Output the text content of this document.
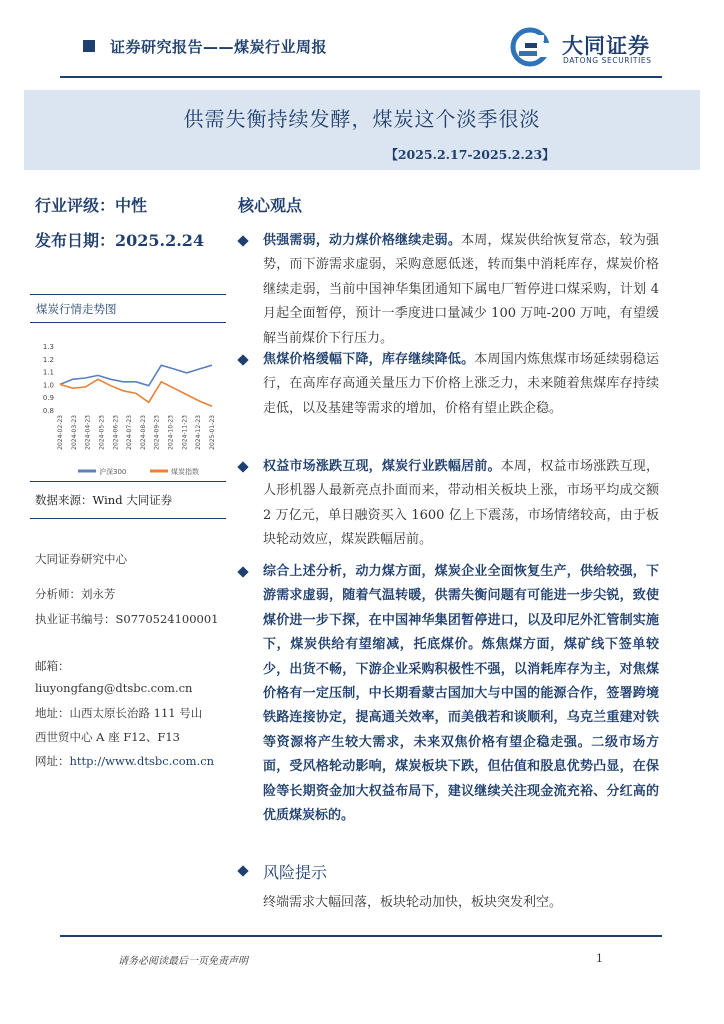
证券研究报告——煤炭行业周报	大同证券
DATONG SECURITIES
供需失衡持续发酵，煤炭这个淡季很淡
【2025.2.17-2025.2.23】
行业评级：中性
发布日期：2025.2.24
煤炭行情走势图
1.3
1.2
1.1
1.0
0.9
0.8
2024-02-23 2024-03-23 2024-04-23 2024-05-23 2024-06-23 2024-07-23 2024-08-23 2024-09-23 2024-10-23 2024-11-23 2024-12-23 2025-01-23
沪深300	煤炭指数
数据来源：Wind 大同证券
大同证券研究中心
分析师：刘永芳
执业证书编号：S0770524100001
邮箱：
liuyongfang@dtsbc.com.cn
地址：山西太原长治路 111 号山
西世贸中心 A 座 F12、F13
网址：http://www.dtsbc.com.cn
核心观点
供强需弱，动力煤价格继续走弱。本周，煤炭供给恢复常态，较为强势，而下游需求虚弱，采购意愿低迷，转而集中消耗库存，煤炭价格继续走弱，当前中国神华集团通知下属电厂暂停进口煤采购，计划 4 月起全面暂停，预计一季度进口量减少 100 万吨-200 万吨，有望缓解当前煤价下行压力。
焦煤价格缓幅下降，库存继续降低。本周国内炼焦煤市场延续弱稳运行，在高库存高通关量压力下价格上涨乏力，未来随着焦煤库存持续走低，以及基建等需求的增加，价格有望止跌企稳。
权益市场涨跌互现，煤炭行业跌幅居前。本周，权益市场涨跌互现，人形机器人最新亮点扑面而来，带动相关板块上涨，市场平均成交额 2 万亿元，单日融资买入 1600 亿上下震荡，市场情绪较高，由于板块轮动效应，煤炭跌幅居前。
综合上述分析，动力煤方面，煤炭企业全面恢复生产，供给较强，下游需求虚弱，随着气温转暖，供需失衡问题有可能进一步尖锐，致使煤价进一步下探，在中国神华集团暂停进口，以及印尼外汇管制实施下，煤炭供给有望缩减，托底煤价。炼焦煤方面，煤矿线下签单较少，出货不畅，下游企业采购积极性不强，以消耗库存为主，对焦煤价格有一定压制，中长期看蒙古国加大与中国的能源合作，签署跨境铁路连接协定，提高通关效率，而美俄若和谈顺利，乌克兰重建对铁等资源将产生较大需求，未来双焦价格有望企稳走强。二级市场方面，受风格轮动影响，煤炭板块下跌，但估值和股息优势凸显，在保险等长期资金加大权益布局下，建议继续关注现金流充裕、分红高的优质煤炭标的。
风险提示
终端需求大幅回落，板块轮动加快，板块突发利空。
请务必阅读最后一页免责声明	1
